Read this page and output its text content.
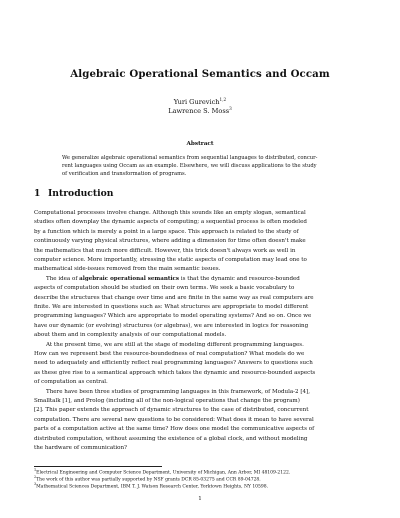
Algebraic Operational Semantics and Occam
Yuri Gurevich$^{1,2}$
Lawrence S. Moss$^3$
Abstract
We generalize algebraic operational semantics from sequential languages to distributed, concur-
rent languages using Occam as an example. Elsewhere, we will discuss applications to the study
of verification and transformation of programs.
1 Introduction
Computational processes involve change. Although this sounds like an empty slogan, semantical
studies often downplay the dynamic aspects of computing; a sequential process is often modeled
by a function which is merely a point in a large space. This approach is related to the study of
continuously varying physical structures, where adding a dimension for time often doesn't make
the mathematics that much more difficult. However, this trick doesn't always work as well in
computer science. More importantly, stressing the static aspects of computation may lead one to
mathematical side-issues removed from the main semantic issues.
The idea of algebraic operational semantics is that the dynamic and resource-bounded
aspects of computation should be studied on their own terms. We seek a basic vocabulary to
describe the structures that change over time and are finite in the same way as real computers are
finite. We are interested in questions such as: What structures are appropriate to model different
programming languages? Which are appropriate to model operating systems? And so on. Once we
have our dynamic (or evolving) structures (or algebras), we are interested in logics for reasoning
about them and in complexity analysis of our computational models.
At the present time, we are still at the stage of modeling different programming languages.
How can we represent best the resource-boundedness of real computation? What models do we
need to adequately and efficiently reflect real programming languages? Answers to questions such
as these give rise to a semantical approach which takes the dynamic and resource-bounded aspects
of computation as central.
There have been three studies of programming languages in this framework, of Modula-2 [4],
Smalltalk [1], and Prolog (including all of the non-logical operations that change the program)
[2]. This paper extends the approach of dynamic structures to the case of distributed, concurrent
computation. There are several new questions to be considered: What does it mean to have several
parts of a computation active at the same time? How does one model the communicative aspects of
distributed computation, without assuming the existence of a global clock, and without modeling
the hardware of communication?
$^1$Electrical Engineering and Computer Science Department, University of Michigan, Ann Arbor, MI 48109-2122.
$^2$The work of this author was partially supported by NSF grants DCR 85-03275 and CCR 89-04728.
$^3$Mathematical Sciences Department, IBM T. J. Watson Research Center, Yorktown Heights, NY 10598.
1
